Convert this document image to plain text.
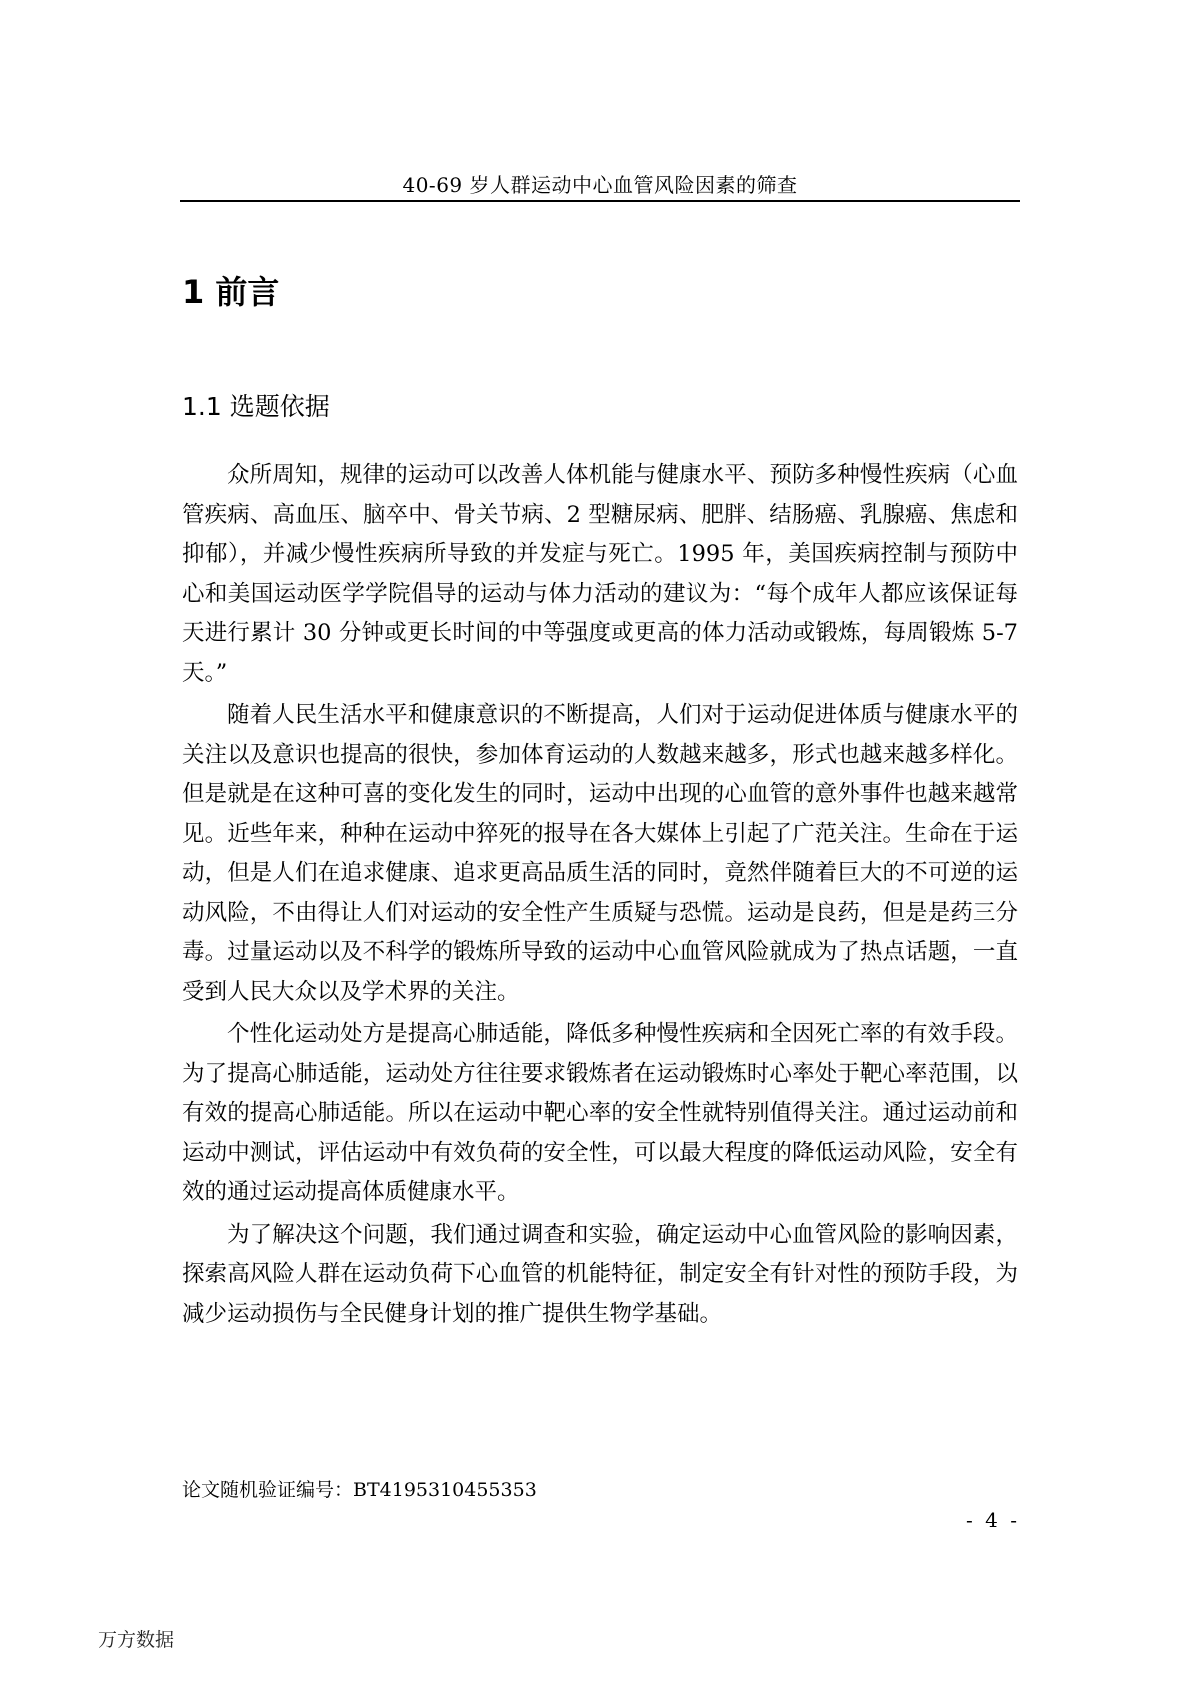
40-69 岁人群运动中心血管风险因素的筛查
1 前言
1.1 选题依据

众所周知，规律的运动可以改善人体机能与健康水平、预防多种慢性疾病（心血管疾病、高血压、脑卒中、骨关节病、2 型糖尿病、肥胖、结肠癌、乳腺癌、焦虑和抑郁），并减少慢性疾病所导致的并发症与死亡。1995 年，美国疾病控制与预防中心和美国运动医学学院倡导的运动与体力活动的建议为：“每个成年人都应该保证每天进行累计 30 分钟或更长时间的中等强度或更高的体力活动或锻炼，每周锻炼 5-7 天。”

随着人民生活水平和健康意识的不断提高，人们对于运动促进体质与健康水平的关注以及意识也提高的很快，参加体育运动的人数越来越多，形式也越来越多样化。但是就是在这种可喜的变化发生的同时，运动中出现的心血管的意外事件也越来越常见。近些年来，种种在运动中猝死的报导在各大媒体上引起了广范关注。生命在于运动，但是人们在追求健康、追求更高品质生活的同时，竟然伴随着巨大的不可逆的运动风险，不由得让人们对运动的安全性产生质疑与恐慌。运动是良药，但是是药三分毒。过量运动以及不科学的锻炼所导致的运动中心血管风险就成为了热点话题，一直受到人民大众以及学术界的关注。

个性化运动处方是提高心肺适能，降低多种慢性疾病和全因死亡率的有效手段。为了提高心肺适能，运动处方往往要求锻炼者在运动锻炼时心率处于靶心率范围，以有效的提高心肺适能。所以在运动中靶心率的安全性就特别值得关注。通过运动前和运动中测试，评估运动中有效负荷的安全性，可以最大程度的降低运动风险，安全有效的通过运动提高体质健康水平。

为了解决这个问题，我们通过调查和实验，确定运动中心血管风险的影响因素，探索高风险人群在运动负荷下心血管的机能特征，制定安全有针对性的预防手段，为减少运动损伤与全民健身计划的推广提供生物学基础。

论文随机验证编号：BT4195310455353
- 4 -
万方数据
